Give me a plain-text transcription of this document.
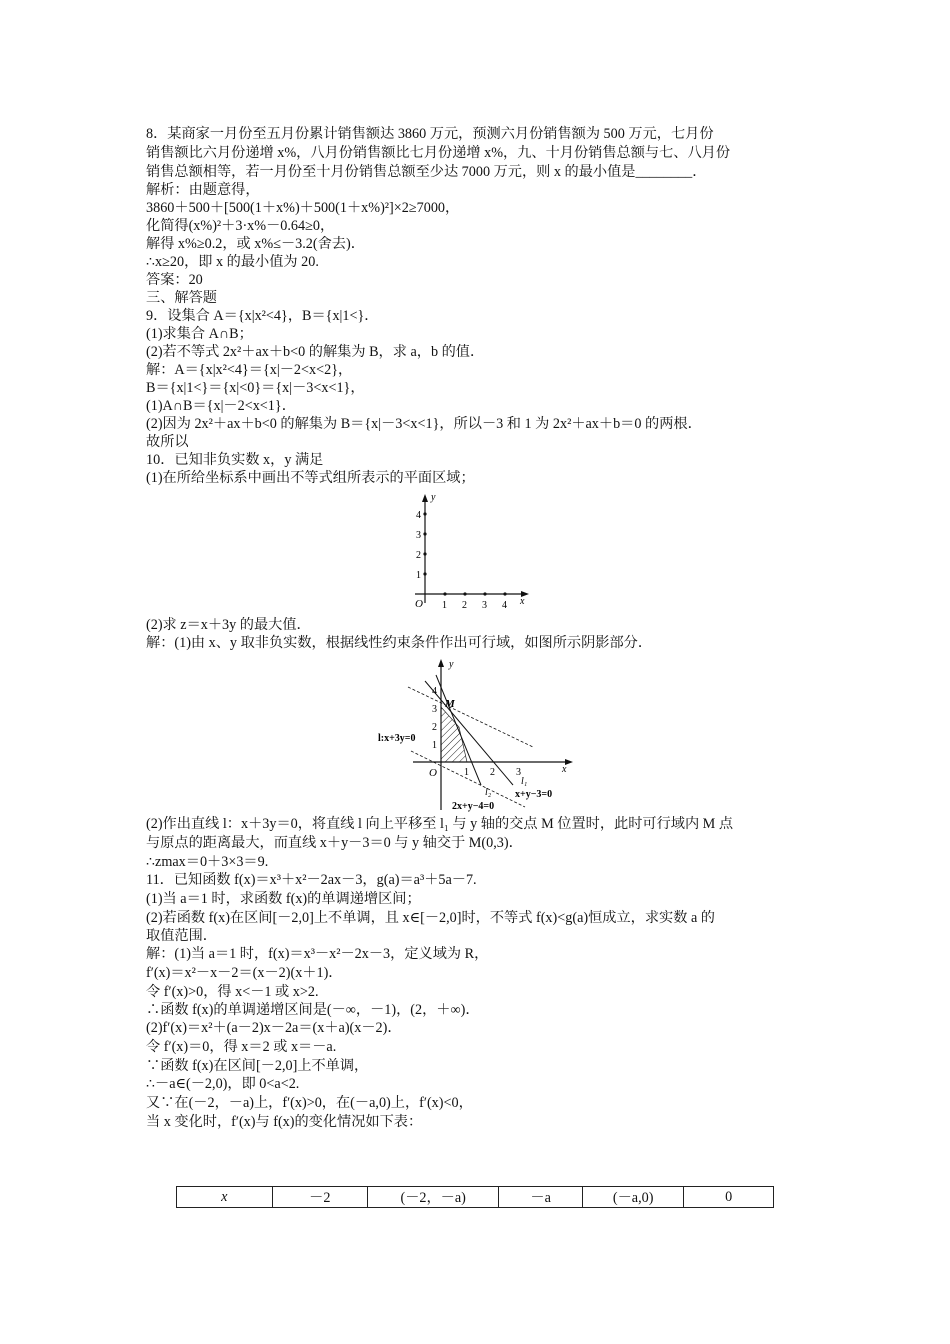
8．某商家一月份至五月份累计销售额达 3860 万元，预测六月份销售额为 500 万元，七月份
销售额比六月份递增 x%，八月份销售额比七月份递增 x%，九、十月份销售总额与七、八月份
销售总额相等，若一月份至十月份销售总额至少达 7000 万元，则 x 的最小值是________．
解析：由题意得，
3860＋500＋[500(1＋x%)＋500(1＋x%)²]×2≥7000，
化简得(x%)²＋3·x%－0.64≥0，
解得 x%≥0.2，或 x%≤－3.2(舍去)．
∴x≥20，即 x 的最小值为 20.
答案：20
三、解答题
9．设集合 A＝{x|x²<4}，B＝{x|1<}．
(1)求集合 A∩B；
(2)若不等式 2x²＋ax＋b<0 的解集为 B，求 a，b 的值．
解：A＝{x|x²<4}＝{x|－2<x<2}，
B＝{x|1<}＝{x|<0}＝{x|－3<x<1}，
(1)A∩B＝{x|－2<x<1}．
(2)因为 2x²＋ax＋b<0 的解集为 B＝{x|－3<x<1}，所以－3 和 1 为 2x²＋ax＋b＝0 的两根．
故所以
10．已知非负实数 x，y 满足
(1)在所给坐标系中画出不等式组所表示的平面区域；
y
x
O
1
2
3
4
1 2 3 4
(2)求 z＝x＋3y 的最大值．
解：(1)由 x、y 取非负实数，根据线性约束条件作出可行域，如图所示阴影部分．
y
x
O
1
2
3
4
1 2 3
M
l:x+3y=0
l₁
l₂ x+y−3=0
2x+y−4=0
(2)作出直线 l：x＋3y＝0，将直线 l 向上平移至 l₁ 与 y 轴的交点 M 位置时，此时可行域内 M 点
与原点的距离最大，而直线 x＋y－3＝0 与 y 轴交于 M(0,3)．
∴zmax＝0＋3×3＝9.
11．已知函数 f(x)＝x³＋x²－2ax－3，g(a)＝a³＋5a－7.
(1)当 a＝1 时，求函数 f(x)的单调递增区间；
(2)若函数 f(x)在区间[－2,0]上不单调，且 x∈[－2,0]时，不等式 f(x)<g(a)恒成立，求实数 a 的
取值范围．
解：(1)当 a＝1 时，f(x)＝x³－x²－2x－3，定义域为 R，
f′(x)＝x²－x－2＝(x－2)(x＋1)．
令 f′(x)>0，得 x<－1 或 x>2.
∴函数 f(x)的单调递增区间是(－∞，－1)，(2，＋∞)．
(2)f′(x)＝x²＋(a－2)x－2a＝(x＋a)(x－2)．
令 f′(x)＝0，得 x＝2 或 x＝－a.
∵函数 f(x)在区间[－2,0]上不单调，
∴－a∈(－2,0)，即 0<a<2.
又∵在(－2，－a)上，f′(x)>0，在(－a,0)上，f′(x)<0，
当 x 变化时，f′(x)与 f(x)的变化情况如下表：
x	－2	(－2，－a)	－a	(－a,0)	0
